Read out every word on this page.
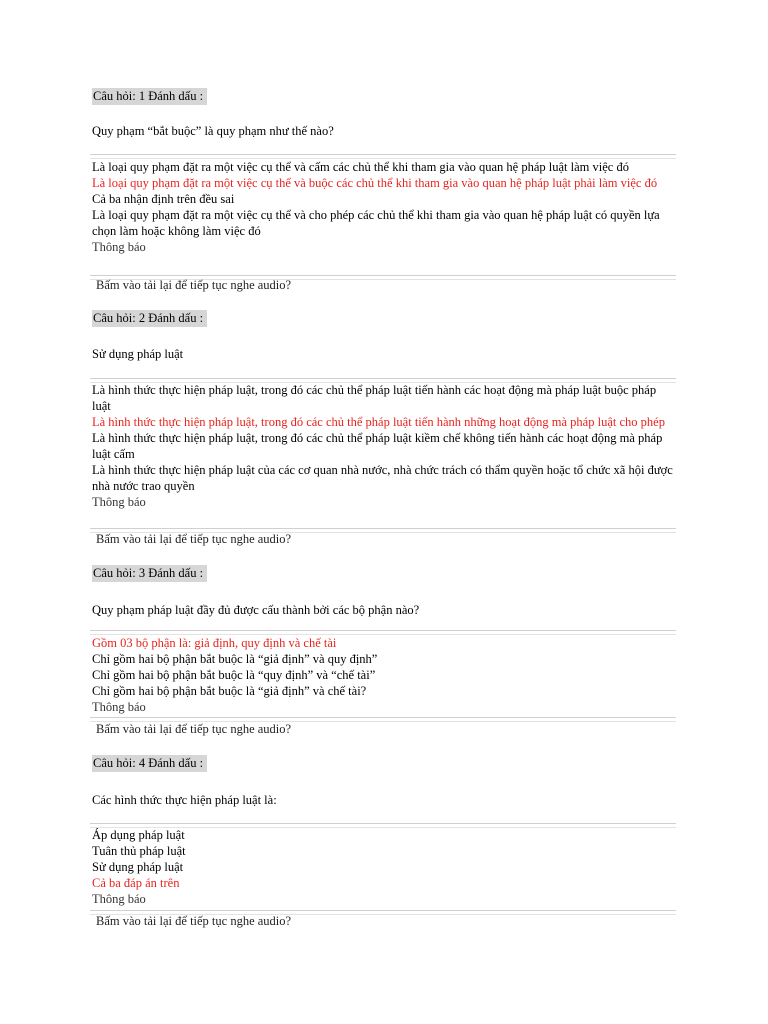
Câu hỏi: 1 Đánh dấu :
Quy phạm “bắt buộc” là quy phạm như thế nào?
Là loại quy phạm đặt ra một việc cụ thể và cấm các chủ thể khi tham gia vào quan hệ pháp luật làm việc đó
Là loại quy phạm đặt ra một việc cụ thể và buộc các chủ thể khi tham gia vào quan hệ pháp luật phải làm việc đó
Cả ba nhận định trên đều sai
Là loại quy phạm đặt ra một việc cụ thể và cho phép các chủ thể khi tham gia vào quan hệ pháp luật có quyền lựa chọn làm hoặc không làm việc đó
Thông báo
Bấm vào tải lại để tiếp tục nghe audio?
Câu hỏi: 2 Đánh dấu :
Sử dụng pháp luật
Là hình thức thực hiện pháp luật, trong đó các chủ thể pháp luật tiến hành các hoạt động mà pháp luật buộc pháp luật
Là hình thức thực hiện pháp luật, trong đó các chủ thể pháp luật tiến hành những hoạt động mà pháp luật cho phép
Là hình thức thực hiện pháp luật, trong đó các chủ thể pháp luật kiềm chế không tiến hành các hoạt động mà pháp luật cấm
Là hình thức thực hiện pháp luật của các cơ quan nhà nước, nhà chức trách có thẩm quyền hoặc tổ chức xã hội được nhà nước trao quyền
Thông báo
Bấm vào tải lại để tiếp tục nghe audio?
Câu hỏi: 3 Đánh dấu :
Quy phạm pháp luật đầy đủ được cấu thành bởi các bộ phận nào?
Gồm 03 bộ phận là: giả định, quy định và chế tài
Chỉ gồm hai bộ phận bắt buộc là “giả định” và quy định”
Chỉ gồm hai bộ phận bắt buộc là “quy định” và “chế tài”
Chỉ gồm hai bộ phận bắt buộc là “giả định” và chế tài?
Thông báo
Bấm vào tải lại để tiếp tục nghe audio?
Câu hỏi: 4 Đánh dấu :
Các hình thức thực hiện pháp luật là:
Áp dụng pháp luật
Tuân thủ pháp luật
Sử dụng pháp luật
Cả ba đáp án trên
Thông báo
Bấm vào tải lại để tiếp tục nghe audio?
